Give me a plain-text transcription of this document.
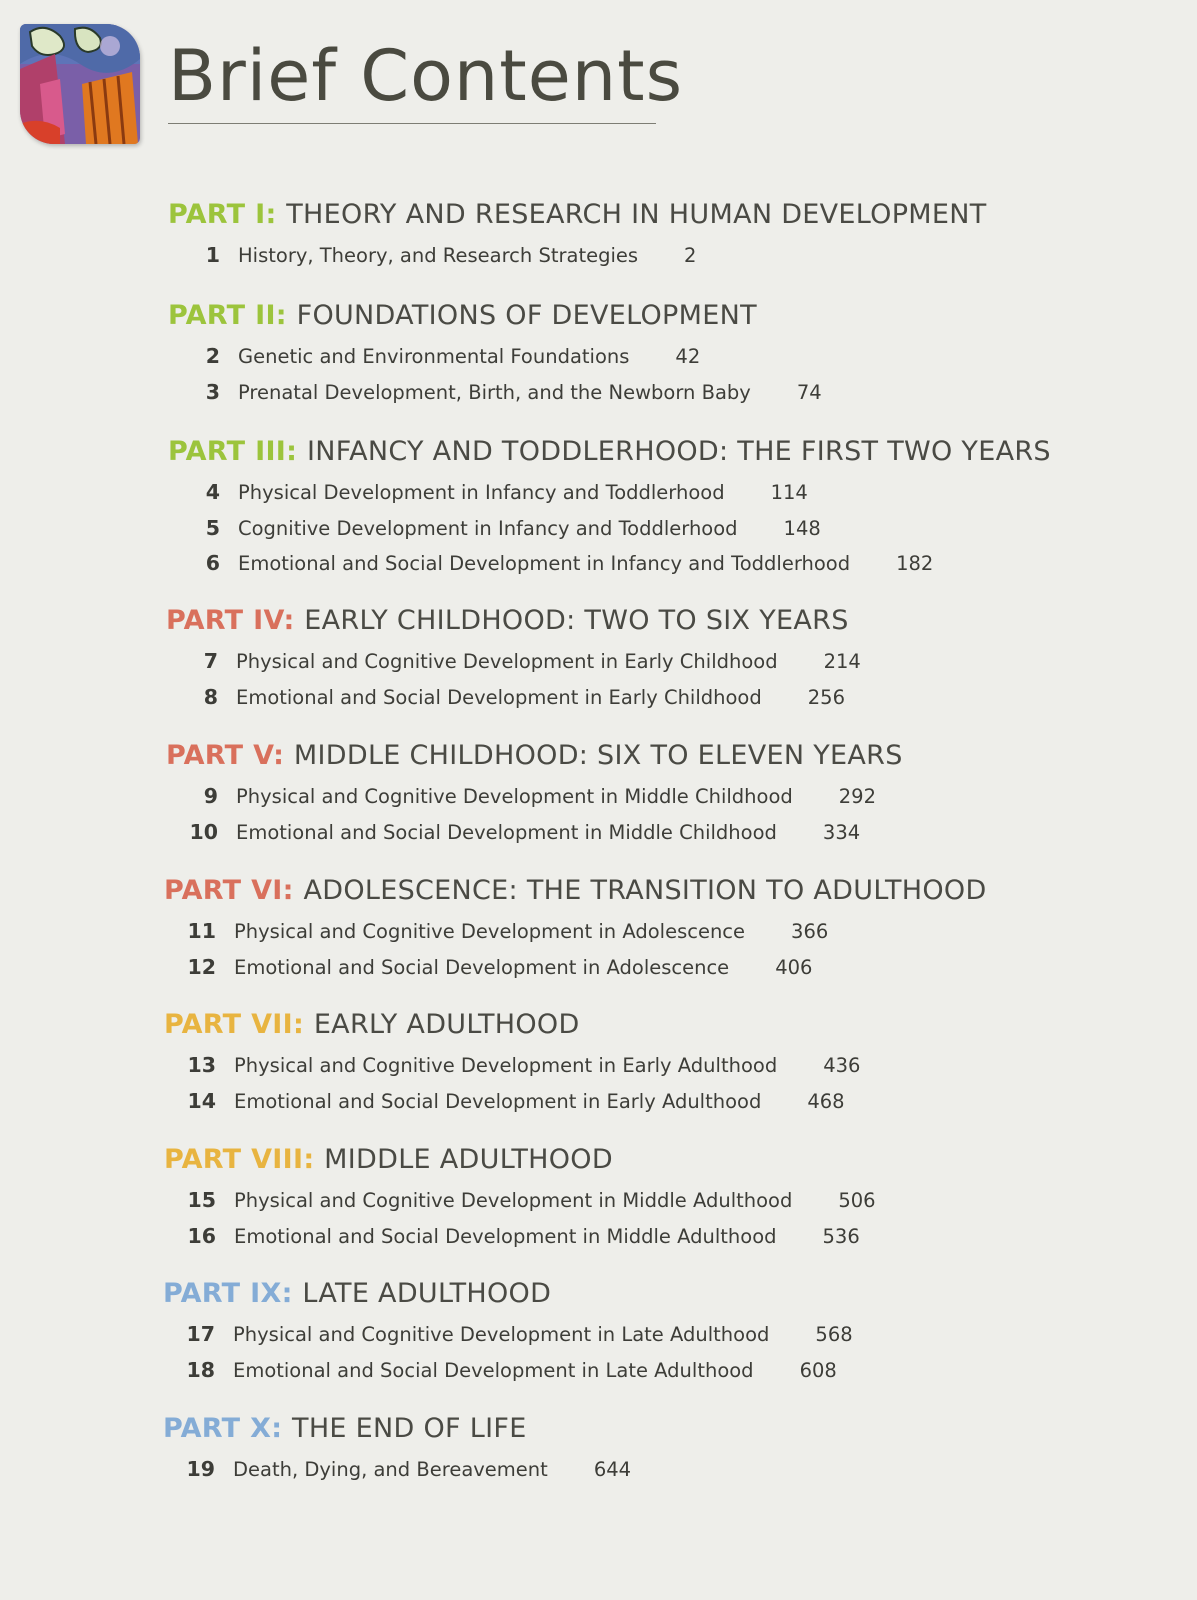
Brief Contents
PART I: THEORY AND RESEARCH IN HUMAN DEVELOPMENT
1 History, Theory, and Research Strategies 2
PART II: FOUNDATIONS OF DEVELOPMENT
2 Genetic and Environmental Foundations 42
3 Prenatal Development, Birth, and the Newborn Baby 74
PART III: INFANCY AND TODDLERHOOD: THE FIRST TWO YEARS
4 Physical Development in Infancy and Toddlerhood 114
5 Cognitive Development in Infancy and Toddlerhood 148
6 Emotional and Social Development in Infancy and Toddlerhood 182
PART IV: EARLY CHILDHOOD: TWO TO SIX YEARS
7 Physical and Cognitive Development in Early Childhood 214
8 Emotional and Social Development in Early Childhood 256
PART V: MIDDLE CHILDHOOD: SIX TO ELEVEN YEARS
9 Physical and Cognitive Development in Middle Childhood 292
10 Emotional and Social Development in Middle Childhood 334
PART VI: ADOLESCENCE: THE TRANSITION TO ADULTHOOD
11 Physical and Cognitive Development in Adolescence 366
12 Emotional and Social Development in Adolescence 406
PART VII: EARLY ADULTHOOD
13 Physical and Cognitive Development in Early Adulthood 436
14 Emotional and Social Development in Early Adulthood 468
PART VIII: MIDDLE ADULTHOOD
15 Physical and Cognitive Development in Middle Adulthood 506
16 Emotional and Social Development in Middle Adulthood 536
PART IX: LATE ADULTHOOD
17 Physical and Cognitive Development in Late Adulthood 568
18 Emotional and Social Development in Late Adulthood 608
PART X: THE END OF LIFE
19 Death, Dying, and Bereavement 644
